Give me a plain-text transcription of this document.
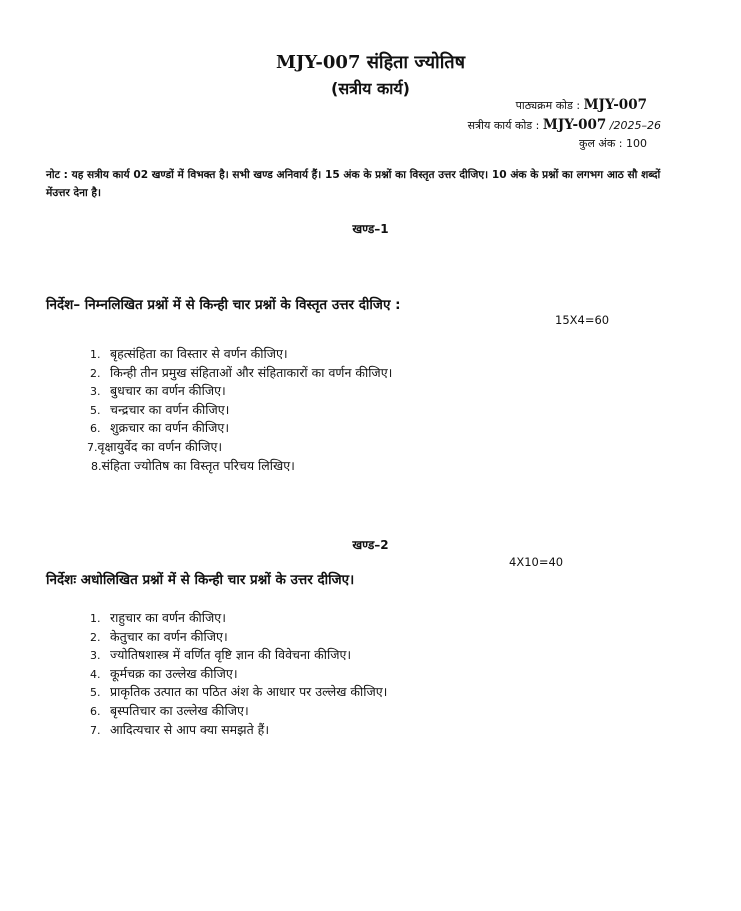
MJY-007 संहिता ज्योतिष
(सत्रीय कार्य)
पाठ्यक्रम कोड : MJY-007
सत्रीय कार्य कोड : MJY-007 /2025–26
कुल अंक : 100
नोट : यह सत्रीय कार्य 02 खण्डों में विभक्त है। सभी खण्ड अनिवार्य हैं। 15 अंक के प्रश्नों का विस्तृत उत्तर दीजिए। 10 अंक के प्रश्नों का लगभग आठ सौ शब्दों मेंउत्तर देना है।
खण्ड–1
निर्देश– निम्नलिखित प्रश्नों में से किन्ही चार प्रश्नों के विस्तृत उत्तर दीजिए :
15X4=60
1. बृहत्संहिता का विस्तार से वर्णन कीजिए।
2. किन्ही तीन प्रमुख संहिताओं और संहिताकारों का वर्णन कीजिए।
3. बुधचार का वर्णन कीजिए।
5. चन्द्रचार का वर्णन कीजिए।
6. शुक्रचार का वर्णन कीजिए।
7.वृक्षायुर्वेद का वर्णन कीजिए।
8.संहिता ज्योतिष का विस्तृत परिचय लिखिए।
खण्ड–2
4X10=40
निर्देशः अधोलिखित प्रश्नों में से किन्ही चार प्रश्नों के उत्तर दीजिए।
1. राहुचार का वर्णन कीजिए।
2. केतुचार का वर्णन कीजिए।
3. ज्योतिषशास्त्र में वर्णित वृष्टि ज्ञान की विवेचना कीजिए।
4. कूर्मचक्र का उल्लेख कीजिए।
5. प्राकृतिक उत्पात का पठित अंश के आधार पर उल्लेख कीजिए।
6. बृस्पतिचार का उल्लेख कीजिए।
7. आदित्यचार से आप क्या समझते हैं।
